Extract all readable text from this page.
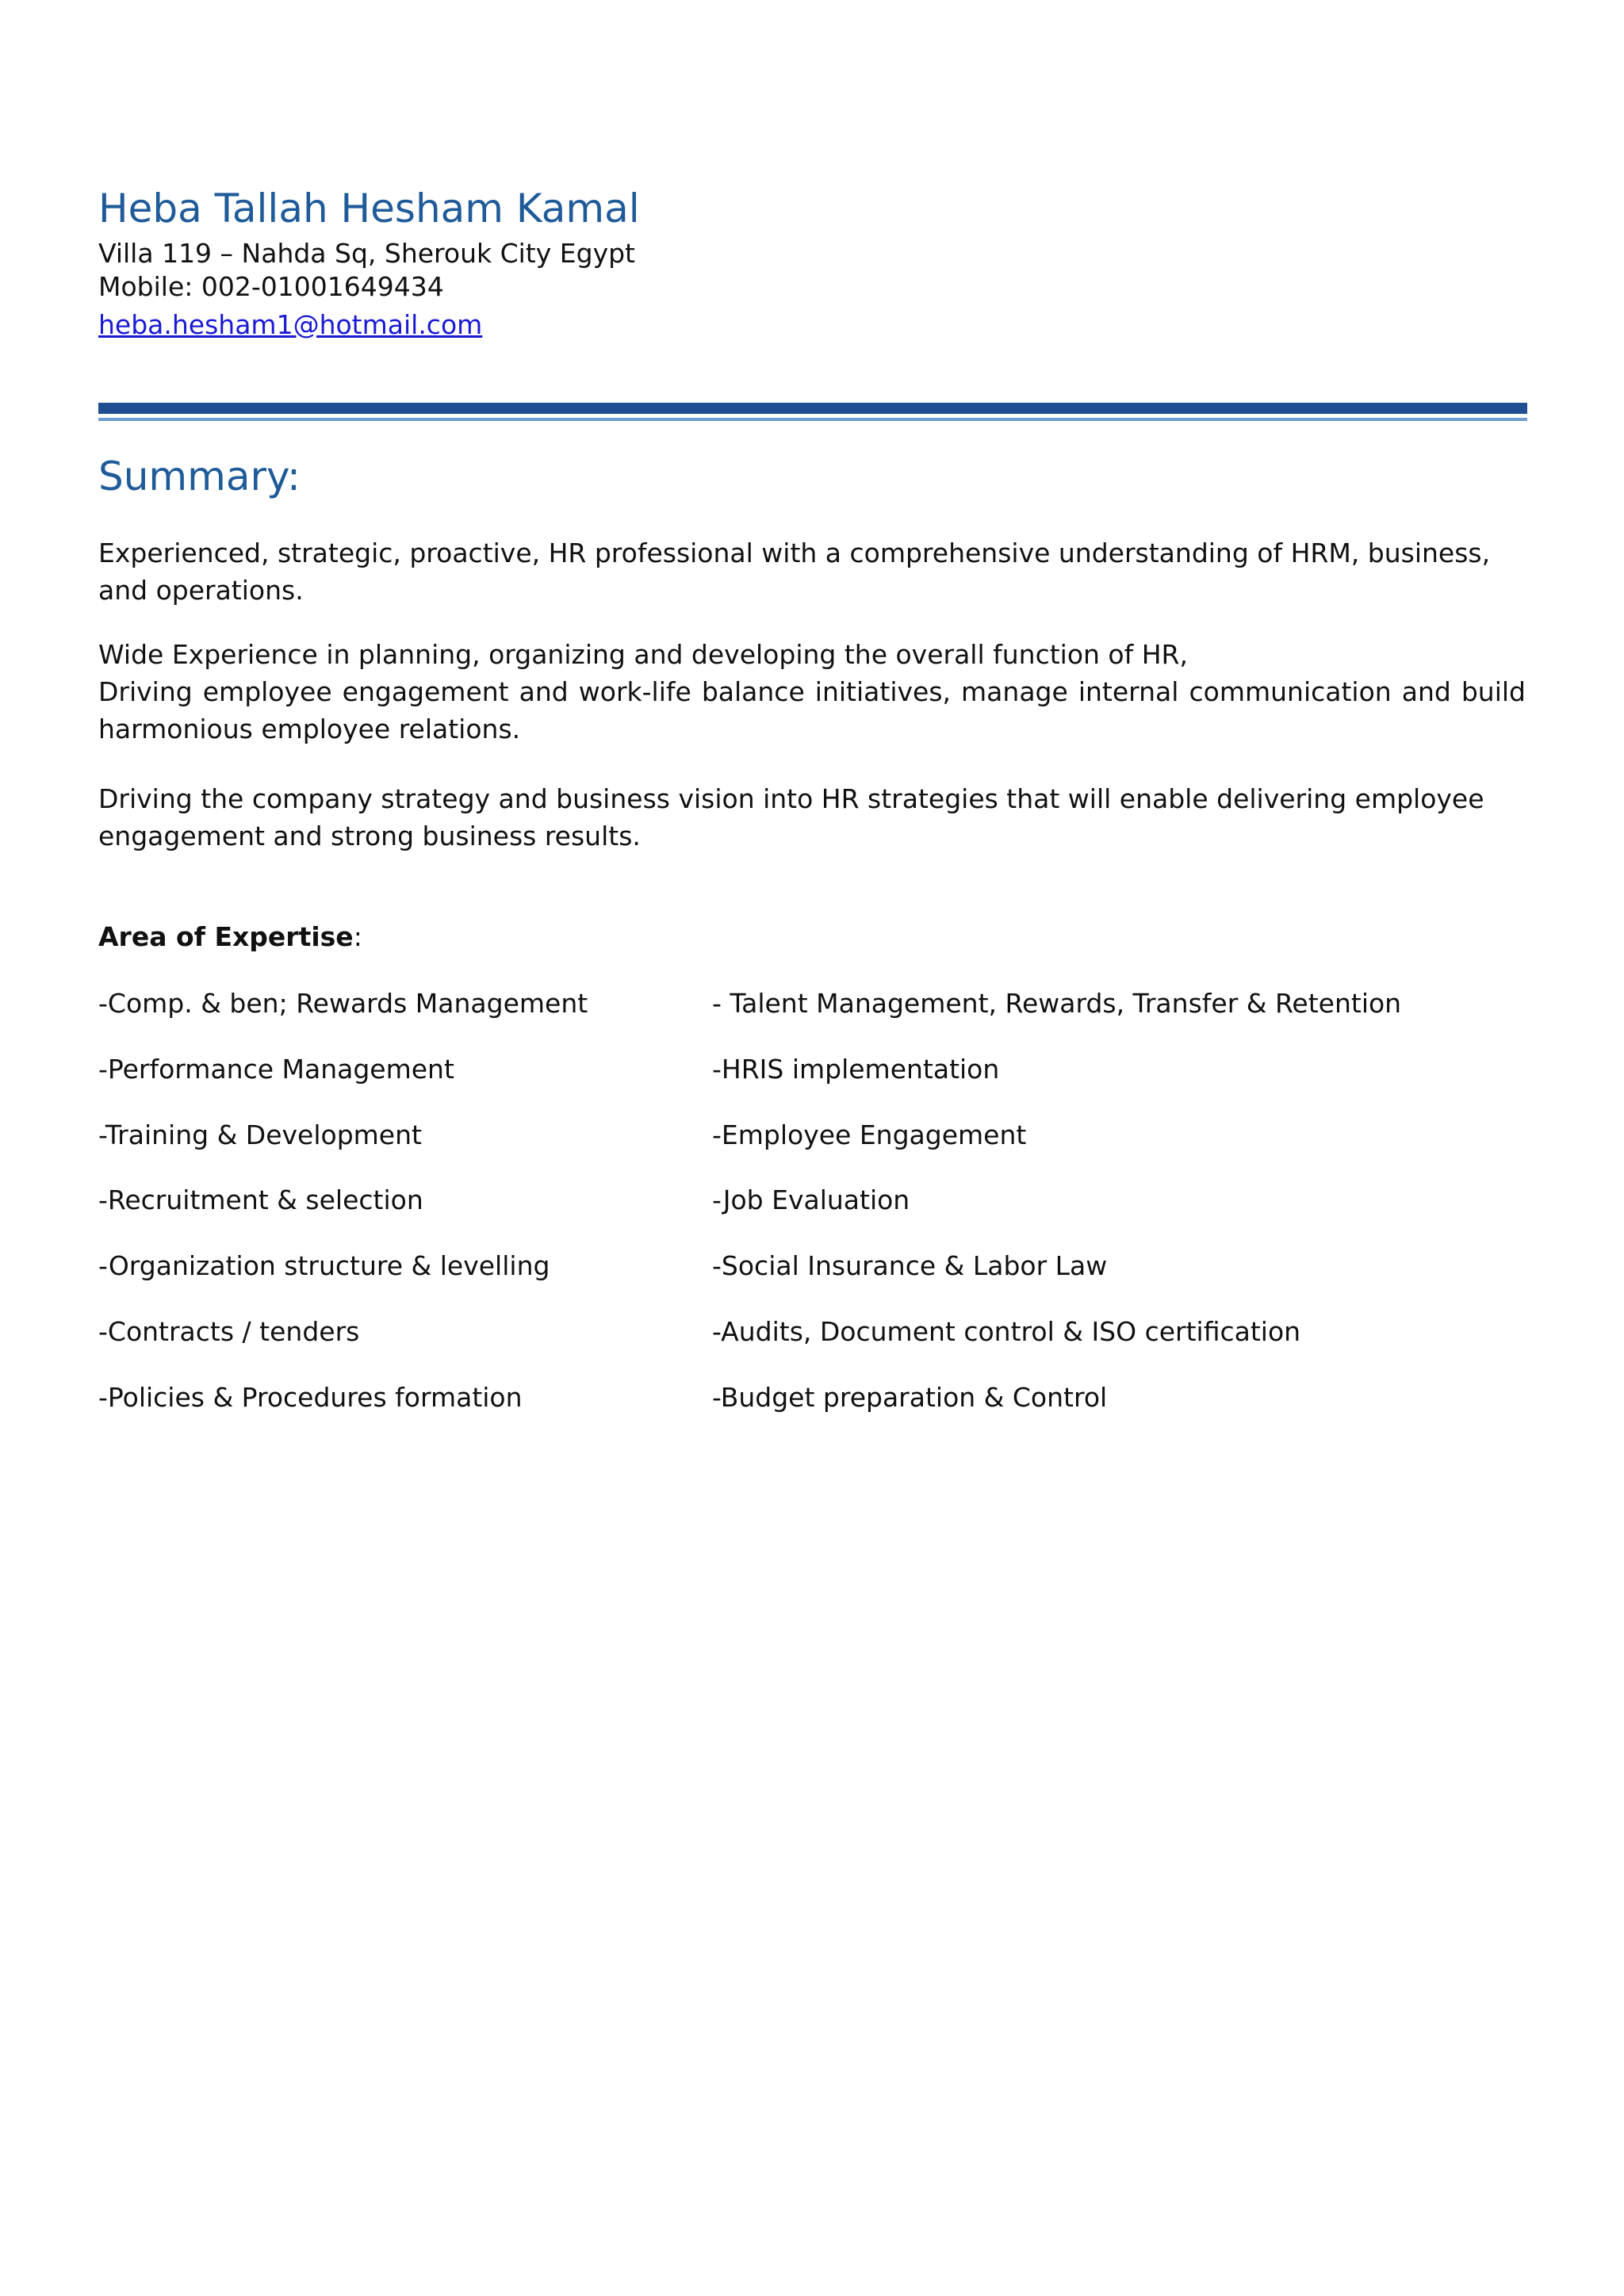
Heba Tallah Hesham Kamal
Villa 119 – Nahda Sq, Sherouk City Egypt
Mobile: 002-01001649434
heba.hesham1@hotmail.com
Summary:

Experienced, strategic, proactive, HR professional with a comprehensive understanding of HRM, business, and operations.

Wide Experience in planning, organizing and developing the overall function of HR,

Driving employee engagement and work-life balance initiatives, manage internal communication and build harmonious employee relations.

Driving the company strategy and business vision into HR strategies that will enable delivering employee engagement and strong business results.

Area of Expertise:
-Comp. & ben; Rewards Management
-Performance Management
-Training & Development
-Recruitment & selection
-Organization structure & levelling
-Contracts / tenders
-Policies & Procedures formation
- Talent Management, Rewards, Transfer & Retention
-HRIS implementation
-Employee Engagement
-Job Evaluation
-Social Insurance & Labor Law
-Audits, Document control & ISO certification
-Budget preparation & Control
